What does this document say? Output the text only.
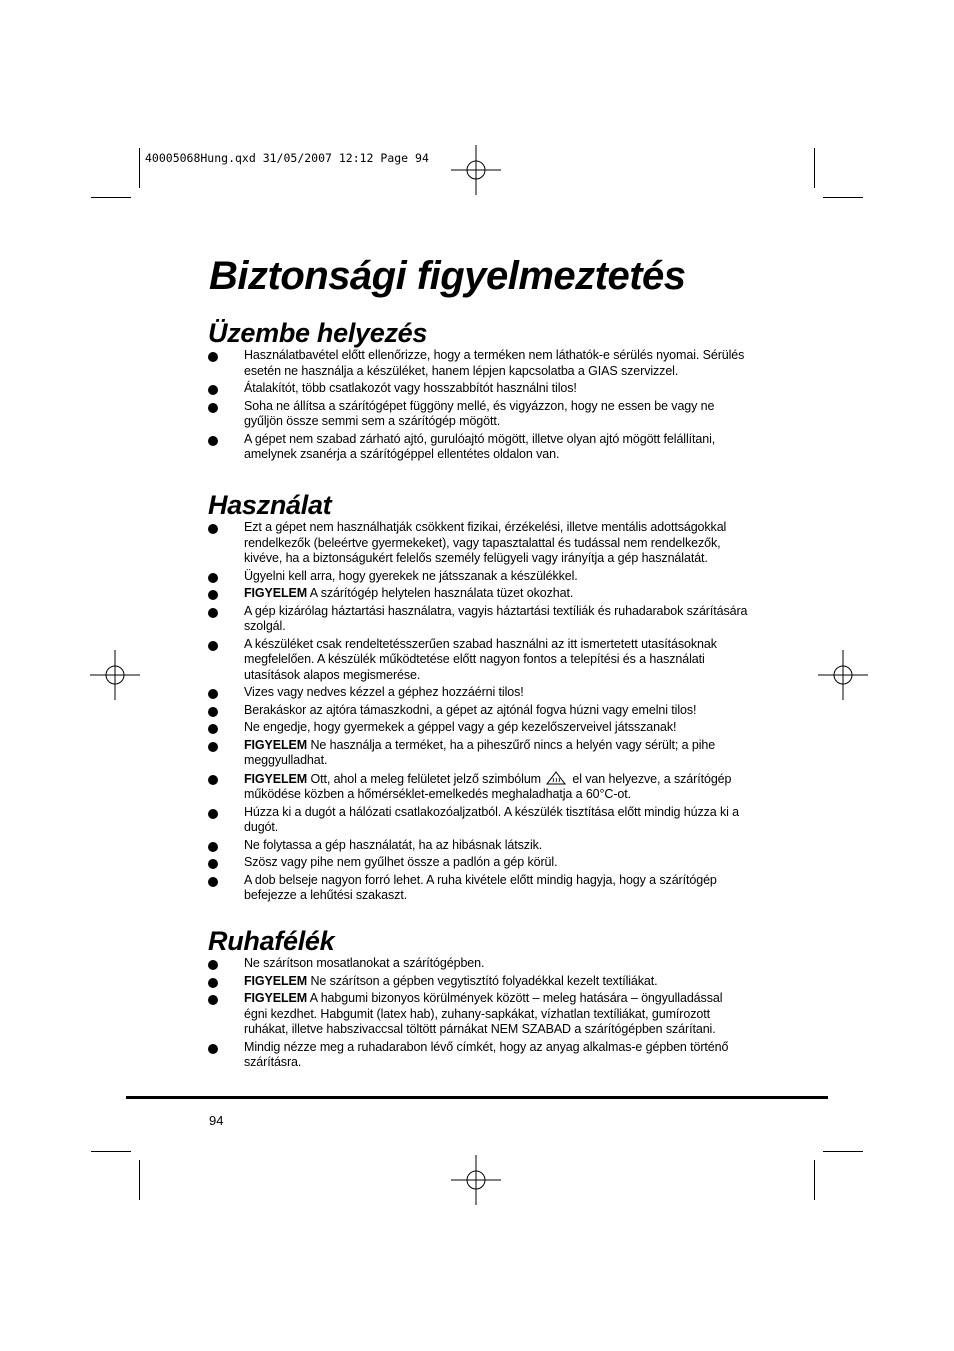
40005068Hung.qxd 31/05/2007 12:12 Page 94
Biztonsági figyelmeztetés
Üzembe helyezés
Használatbavétel előtt ellenőrizze, hogy a terméken nem láthatók-e sérülés nyomai. Sérülés esetén ne használja a készüléket, hanem lépjen kapcsolatba a GIAS szervizzel.
Átalakítót, több csatlakozót vagy hosszabbítót használni tilos!
Soha ne állítsa a szárítógépet függöny mellé, és vigyázzon, hogy ne essen be vagy ne gyűljön össze semmi sem a szárítógép mögött.
A gépet nem szabad zárható ajtó, gurulóajtó mögött, illetve olyan ajtó mögött felállítani, amelynek zsanérja a szárítógéppel ellentétes oldalon van.
Használat
Ezt a gépet nem használhatják csökkent fizikai, érzékelési, illetve mentális adottságokkal rendelkezők (beleértve gyermekeket), vagy tapasztalattal és tudással nem rendelkezők, kivéve, ha a biztonságukért felelős személy felügyeli vagy irányítja a gép használatát.
Ügyelni kell arra, hogy gyerekek ne játsszanak a készülékkel.
FIGYELEM A szárítógép helytelen használata tüzet okozhat.
A gép kizárólag háztartási használatra, vagyis háztartási textíliák és ruhadarabok szárítására szolgál.
A készüléket csak rendeltetésszerűen szabad használni az itt ismertetett utasításoknak megfelelően. A készülék működtetése előtt nagyon fontos a telepítési és a használati utasítások alapos megismerése.
Vizes vagy nedves kézzel a géphez hozzáérni tilos!
Berakáskor az ajtóra támaszkodni, a gépet az ajtónál fogva húzni vagy emelni tilos!
Ne engedje, hogy gyermekek a géppel vagy a gép kezelőszerveivel játsszanak!
FIGYELEM Ne használja a terméket, ha a piheszűrő nincs a helyén vagy sérült; a pihe meggyulladhat.
FIGYELEM Ott, ahol a meleg felületet jelző szimbólum el van helyezve, a szárítógép működése közben a hőmérséklet-emelkedés meghaladhatja a 60°C-ot.
Húzza ki a dugót a hálózati csatlakozóaljzatból. A készülék tisztítása előtt mindig húzza ki a dugót.
Ne folytassa a gép használatát, ha az hibásnak látszik.
Szösz vagy pihe nem gyűlhet össze a padlón a gép körül.
A dob belseje nagyon forró lehet. A ruha kivétele előtt mindig hagyja, hogy a szárítógép befejezze a lehűtési szakaszt.
Ruhafélék
Ne szárítson mosatlanokat a szárítógépben.
FIGYELEM Ne szárítson a gépben vegytisztító folyadékkal kezelt textíliákat.
FIGYELEM A habgumi bizonyos körülmények között – meleg hatására – öngyulladással égni kezdhet. Habgumit (latex hab), zuhany-sapkákat, vízhatlan textíliákat, gumírozott ruhákat, illetve habszivaccsal töltött párnákat NEM SZABAD a szárítógépben szárítani.
Mindig nézze meg a ruhadarabon lévő címkét, hogy az anyag alkalmas-e gépben történő szárításra.
94
